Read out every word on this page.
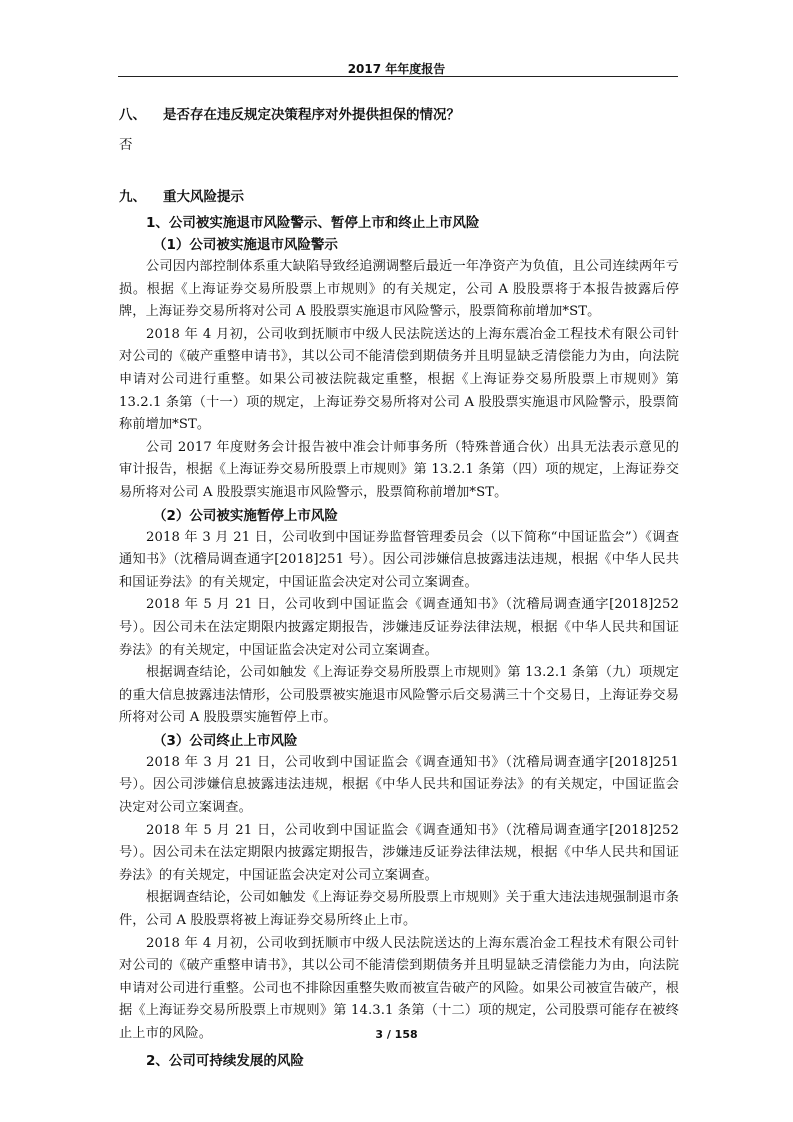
2017 年年度报告
八、 是否存在违反规定决策程序对外提供担保的情况？
否
九、 重大风险提示
1、公司被实施退市风险警示、暂停上市和终止上市风险
（1）公司被实施退市风险警示

公司因内部控制体系重大缺陷导致经追溯调整后最近一年净资产为负值，且公司连续两年亏损。根据《上海证券交易所股票上市规则》的有关规定，公司 A 股股票将于本报告披露后停牌，上海证券交易所将对公司 A 股股票实施退市风险警示，股票简称前增加*ST。

2018 年 4 月初，公司收到抚顺市中级人民法院送达的上海东震冶金工程技术有限公司针对公司的《破产重整申请书》，其以公司不能清偿到期债务并且明显缺乏清偿能力为由，向法院申请对公司进行重整。如果公司被法院裁定重整，根据《上海证券交易所股票上市规则》第 13.2.1 条第（十一）项的规定，上海证券交易所将对公司 A 股股票实施退市风险警示，股票简称前增加*ST。

公司 2017 年度财务会计报告被中准会计师事务所（特殊普通合伙）出具无法表示意见的审计报告，根据《上海证券交易所股票上市规则》第 13.2.1 条第（四）项的规定，上海证券交易所将对公司 A 股股票实施退市风险警示，股票简称前增加*ST。

（2）公司被实施暂停上市风险

2018 年 3 月 21 日，公司收到中国证券监督管理委员会（以下简称“中国证监会”）《调查通知书》（沈稽局调查通字[2018]251 号）。因公司涉嫌信息披露违法违规，根据《中华人民共和国证券法》的有关规定，中国证监会决定对公司立案调查。

2018 年 5 月 21 日，公司收到中国证监会《调查通知书》（沈稽局调查通字[2018]252 号）。因公司未在法定期限内披露定期报告，涉嫌违反证券法律法规，根据《中华人民共和国证券法》的有关规定，中国证监会决定对公司立案调查。

根据调查结论，公司如触发《上海证券交易所股票上市规则》第 13.2.1 条第（九）项规定的重大信息披露违法情形，公司股票被实施退市风险警示后交易满三十个交易日，上海证券交易所将对公司 A 股股票实施暂停上市。

（3）公司终止上市风险

2018 年 3 月 21 日，公司收到中国证监会《调查通知书》（沈稽局调查通字[2018]251 号）。因公司涉嫌信息披露违法违规，根据《中华人民共和国证券法》的有关规定，中国证监会决定对公司立案调查。

2018 年 5 月 21 日，公司收到中国证监会《调查通知书》（沈稽局调查通字[2018]252 号）。因公司未在法定期限内披露定期报告，涉嫌违反证券法律法规，根据《中华人民共和国证券法》的有关规定，中国证监会决定对公司立案调查。

根据调查结论，公司如触发《上海证券交易所股票上市规则》关于重大违法违规强制退市条件，公司 A 股股票将被上海证券交易所终止上市。

2018 年 4 月初，公司收到抚顺市中级人民法院送达的上海东震冶金工程技术有限公司针对公司的《破产重整申请书》，其以公司不能清偿到期债务并且明显缺乏清偿能力为由，向法院申请对公司进行重整。公司也不排除因重整失败而被宣告破产的风险。如果公司被宣告破产，根据《上海证券交易所股票上市规则》第 14.3.1 条第（十二）项的规定，公司股票可能存在被终止上市的风险。

2、公司可持续发展的风险
3 / 158
